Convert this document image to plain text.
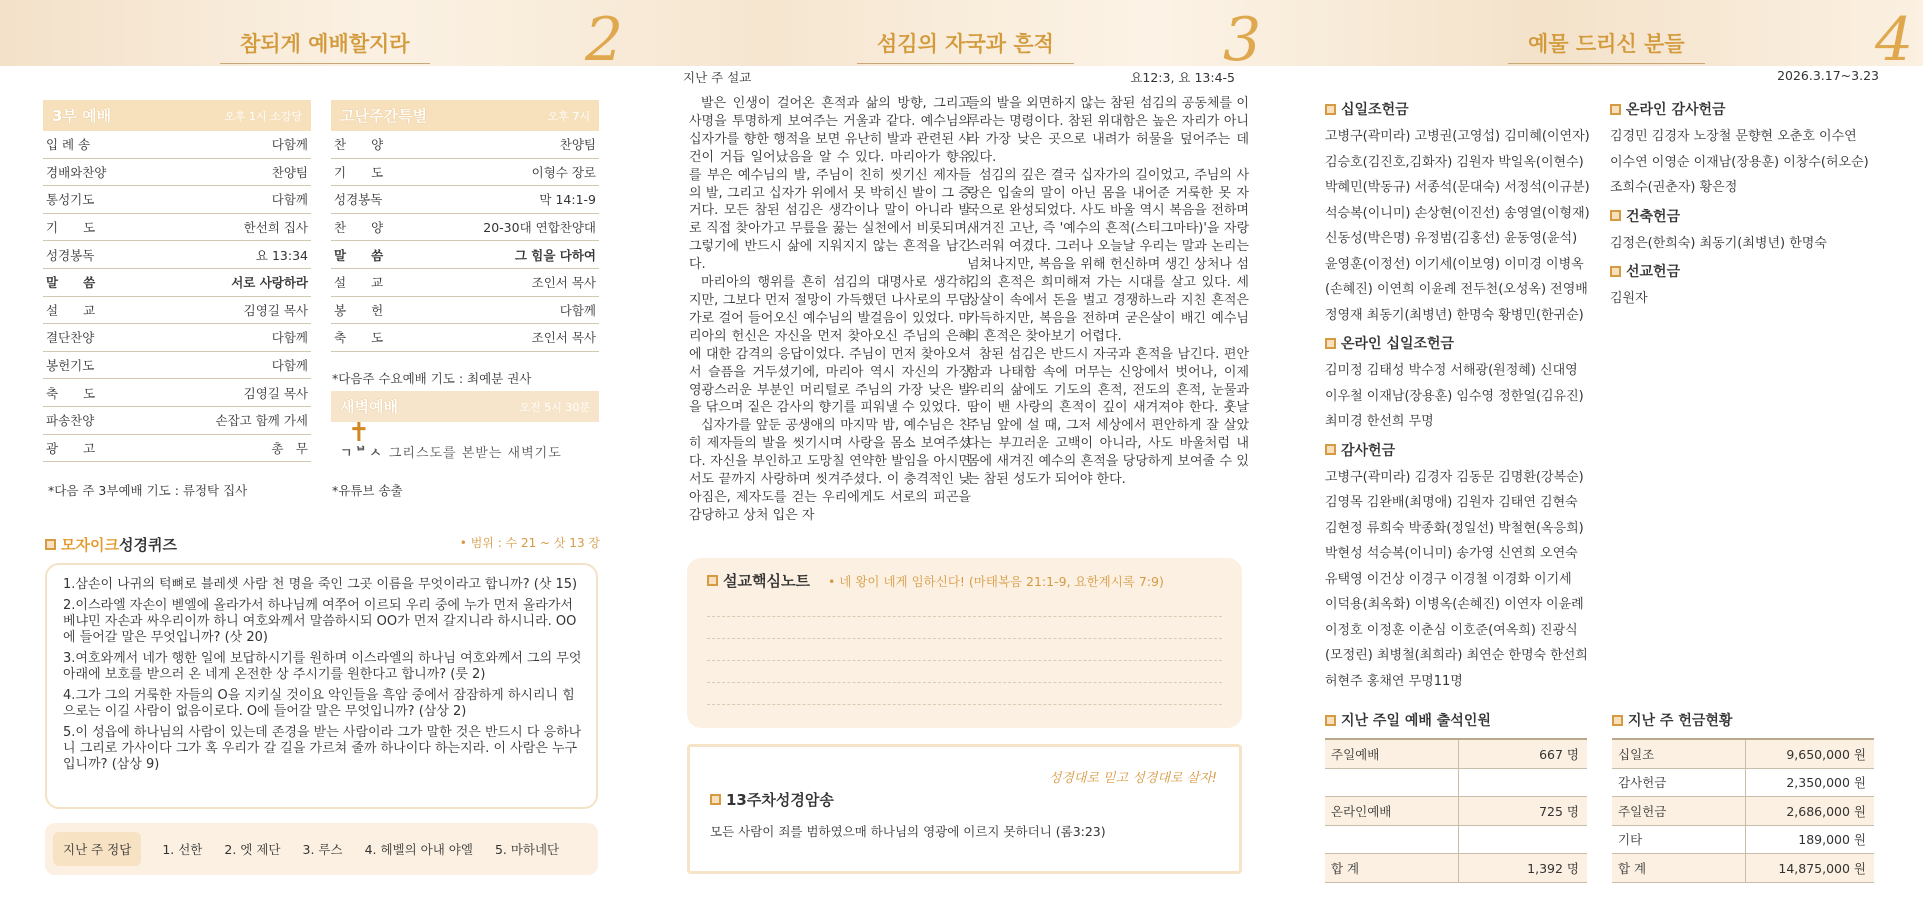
참되게 예배할지라	2
3부 예배	오후 1시 소강당
입 례 송	다함께
경배와찬양	찬양팀
통성기도	다함께
기　　도	한선희 집사
성경봉독	요 13:34
말　　씀	서로 사랑하라
설　　교	김영길 목사
결단찬양	다함께
봉헌기도	다함께
축　　도	김영길 목사
파송찬양	손잡고 함께 가세
광　　고	총　무
*다음 주 3부예배 기도 : 류정탁 집사
고난주간특별	오후 7시
찬　　양	찬양팀
기　　도	이형수 장로
성경봉독	막 14:1-9
찬　　양	20-30대 연합찬양대
말　　씀	그 힘을 다하여
설　　교	조인서 목사
봉　　헌	다함께
축　　도	조인서 목사
*다음주 수요예배 기도 : 최예분 권사
새벽예배	오전 5시 30분
✝
ㄱᄇㅅ 그리스도를 본받는 새벽기도
*유튜브 송출
모자이크성경퀴즈	• 범위 : 수 21 ~ 삿 13 장
1.삼손이 나귀의 턱뼈로 블레셋 사람 천 명을 죽인 그곳 이름을 무엇이라고 합니까? (삿 15)
2.이스라엘 자손이 벧엘에 올라가서 하나님께 여쭈어 이르되 우리 중에 누가 먼저 올라가서 베냐민 자손과 싸우리이까 하니 여호와께서 말씀하시되 OO가 먼저 갈지니라 하시니라. OO에 들어갈 말은 무엇입니까? (삿 20)
3.여호와께서 네가 행한 일에 보답하시기를 원하며 이스라엘의 하나님 여호와께서 그의 무엇 아래에 보호를 받으러 온 네게 온전한 상 주시기를 원한다고 합니까? (룻 2)
4.그가 그의 거룩한 자들의 O을 지키실 것이요 악인들을 흑암 중에서 잠잠하게 하시리니 힘으로는 이길 사람이 없음이로다. O에 들어갈 말은 무엇입니까? (삼상 2)
5.이 성읍에 하나님의 사람이 있는데 존경을 받는 사람이라 그가 말한 것은 반드시 다 응하나니 그리로 가사이다 그가 혹 우리가 갈 길을 가르쳐 줄까 하나이다 하는지라. 이 사람은 누구입니까? (삼상 9)
지난 주 정답	1. 선한 2. 엣 제단 3. 루스 4. 헤벨의 아내 야엘 5. 마하네단
섬김의 자국과 흔적	3
지난 주 설교	요12:3, 요 13:4-5

발은 인생이 걸어온 흔적과 삶의 방향, 그리고 사명을 투명하게 보여주는 거울과 같다. 예수님의 십자가를 향한 행적을 보면 유난히 발과 관련된 사건이 거듭 일어났음을 알 수 있다. 마리아가 향유를 부은 예수님의 발, 주님이 친히 씻기신 제자들의 발, 그리고 십자가 위에서 못 박히신 발이 그 증거다. 모든 참된 섬김은 생각이나 말이 아니라 발로 직접 찾아가고 무릎을 꿇는 실천에서 비롯되며, 그렇기에 반드시 삶에 지워지지 않는 흔적을 남긴다.

마리아의 행위를 흔히 섬김의 대명사로 생각하지만, 그보다 먼저 절망이 가득했던 나사로의 무덤가로 걸어 들어오신 예수님의 발걸음이 있었다. 마리아의 헌신은 자신을 먼저 찾아오신 주님의 은혜에 대한 감격의 응답이었다. 주님이 먼저 찾아오셔서 슬픔을 거두셨기에, 마리아 역시 자신의 가장 영광스러운 부분인 머리털로 주님의 가장 낮은 발을 닦으며 짙은 감사의 향기를 피워낼 수 있었다.

십자가를 앞둔 공생애의 마지막 밤, 예수님은 친히 제자들의 발을 씻기시며 사랑을 몸소 보여주셨다. 자신을 부인하고 도망칠 연약한 발임을 아시면서도 끝까지 사랑하며 씻겨주셨다. 이 충격적인 낮아짐은, 제자도를 걷는 우리에게도 서로의 피곤을 감당하고 상처 입은 자

들의 발을 외면하지 않는 참된 섬김의 공동체를 이루라는 명령이다. 참된 위대함은 높은 자리가 아니라 가장 낮은 곳으로 내려가 허물을 덮어주는 데 있다.

섬김의 깊은 결국 십자가의 길이었고, 주님의 사랑은 입술의 말이 아닌 몸을 내어준 거룩한 못 자국으로 완성되었다. 사도 바울 역시 복음을 전하며 새겨진 고난, 즉 '예수의 흔적(스티그마타)'을 자랑스러워 여겼다. 그러나 오늘날 우리는 말과 논리는 넘쳐나지만, 복음을 위해 헌신하며 생긴 상처나 섬김의 흔적은 희미해져 가는 시대를 살고 있다. 세상살이 속에서 돈을 벌고 경쟁하느라 지친 흔적은 가득하지만, 복음을 전하며 굳은살이 배긴 예수님의 흔적은 찾아보기 어렵다.

참된 섬김은 반드시 자국과 흔적을 남긴다. 편안함과 나태함 속에 머무는 신앙에서 벗어나, 이제 우리의 삶에도 기도의 흔적, 전도의 흔적, 눈물과 땀이 밴 사랑의 흔적이 깊이 새겨져야 한다. 훗날 주님 앞에 설 때, 그저 세상에서 편안하게 잘 살았다는 부끄러운 고백이 아니라, 사도 바울처럼 내 몸에 새겨진 예수의 흔적을 당당하게 보여줄 수 있는 참된 성도가 되어야 한다.

설교핵심노트 • 네 왕이 네게 임하신다! (마태복음 21:1-9, 요한계시록 7:9)
성경대로 믿고 성경대로 살자!
13주차성경암송
모든 사람이 죄를 범하였으매 하나님의 영광에 이르지 못하더니 (롬3:23)
예물 드리신 분들	4
2026.3.17~3.23
십일조헌금
고병구(곽미라) 고병권(고영섭) 김미혜(이연자)
김승호(김진호,김화자) 김원자 박일옥(이현수)
박혜민(박동규) 서종석(문대숙) 서정석(이규분)
석승복(이니미) 손상현(이진선) 송영열(이형재)
신동성(박은명) 유정범(김홍선) 윤동영(윤석)
윤영훈(이정선) 이기세(이보영) 이미경 이병옥
(손혜진) 이연희 이윤례 전두천(오성옥) 전영배
정영재 최동기(최병년) 한명숙 황병민(한귀순)
온라인 십일조헌금
김미정 김태성 박수정 서해광(원정혜) 신대영
이우철 이재남(장용훈) 임수영 정한얼(김유진)
최미경 한선희 무명
감사헌금
고병구(곽미라) 김경자 김동문 김명환(강복순)
김영목 김완배(최명애) 김원자 김태연 김현숙
김현정 류희숙 박종화(정일선) 박철현(옥응희)
박현성 석승복(이니미) 송가영 신연희 오연숙
유택영 이건상 이경구 이경철 이경화 이기세
이덕용(최옥화) 이병옥(손혜진) 이연자 이윤례
이정호 이정훈 이춘심 이호준(여옥희) 진광식
(모정린) 최병철(최희라) 최연순 한명숙 한선희
허현주 홍채연 무명11명
온라인 감사헌금
김경민 김경자 노장철 문향현 오춘호 이수연
이수연 이영순 이재남(장용훈) 이창수(허오순)
조희수(권춘자) 황은정
건축헌금
김정은(한희숙) 최동기(최병년) 한명숙
선교헌금
김원자
지난 주일 예배 출석인원
주일예배	667 명
온라인예배	725 명
합 계	1,392 명
지난 주 헌금현황
십일조	9,650,000 원
감사헌금	2,350,000 원
주일헌금	2,686,000 원
기타	189,000 원
합 계	14,875,000 원
